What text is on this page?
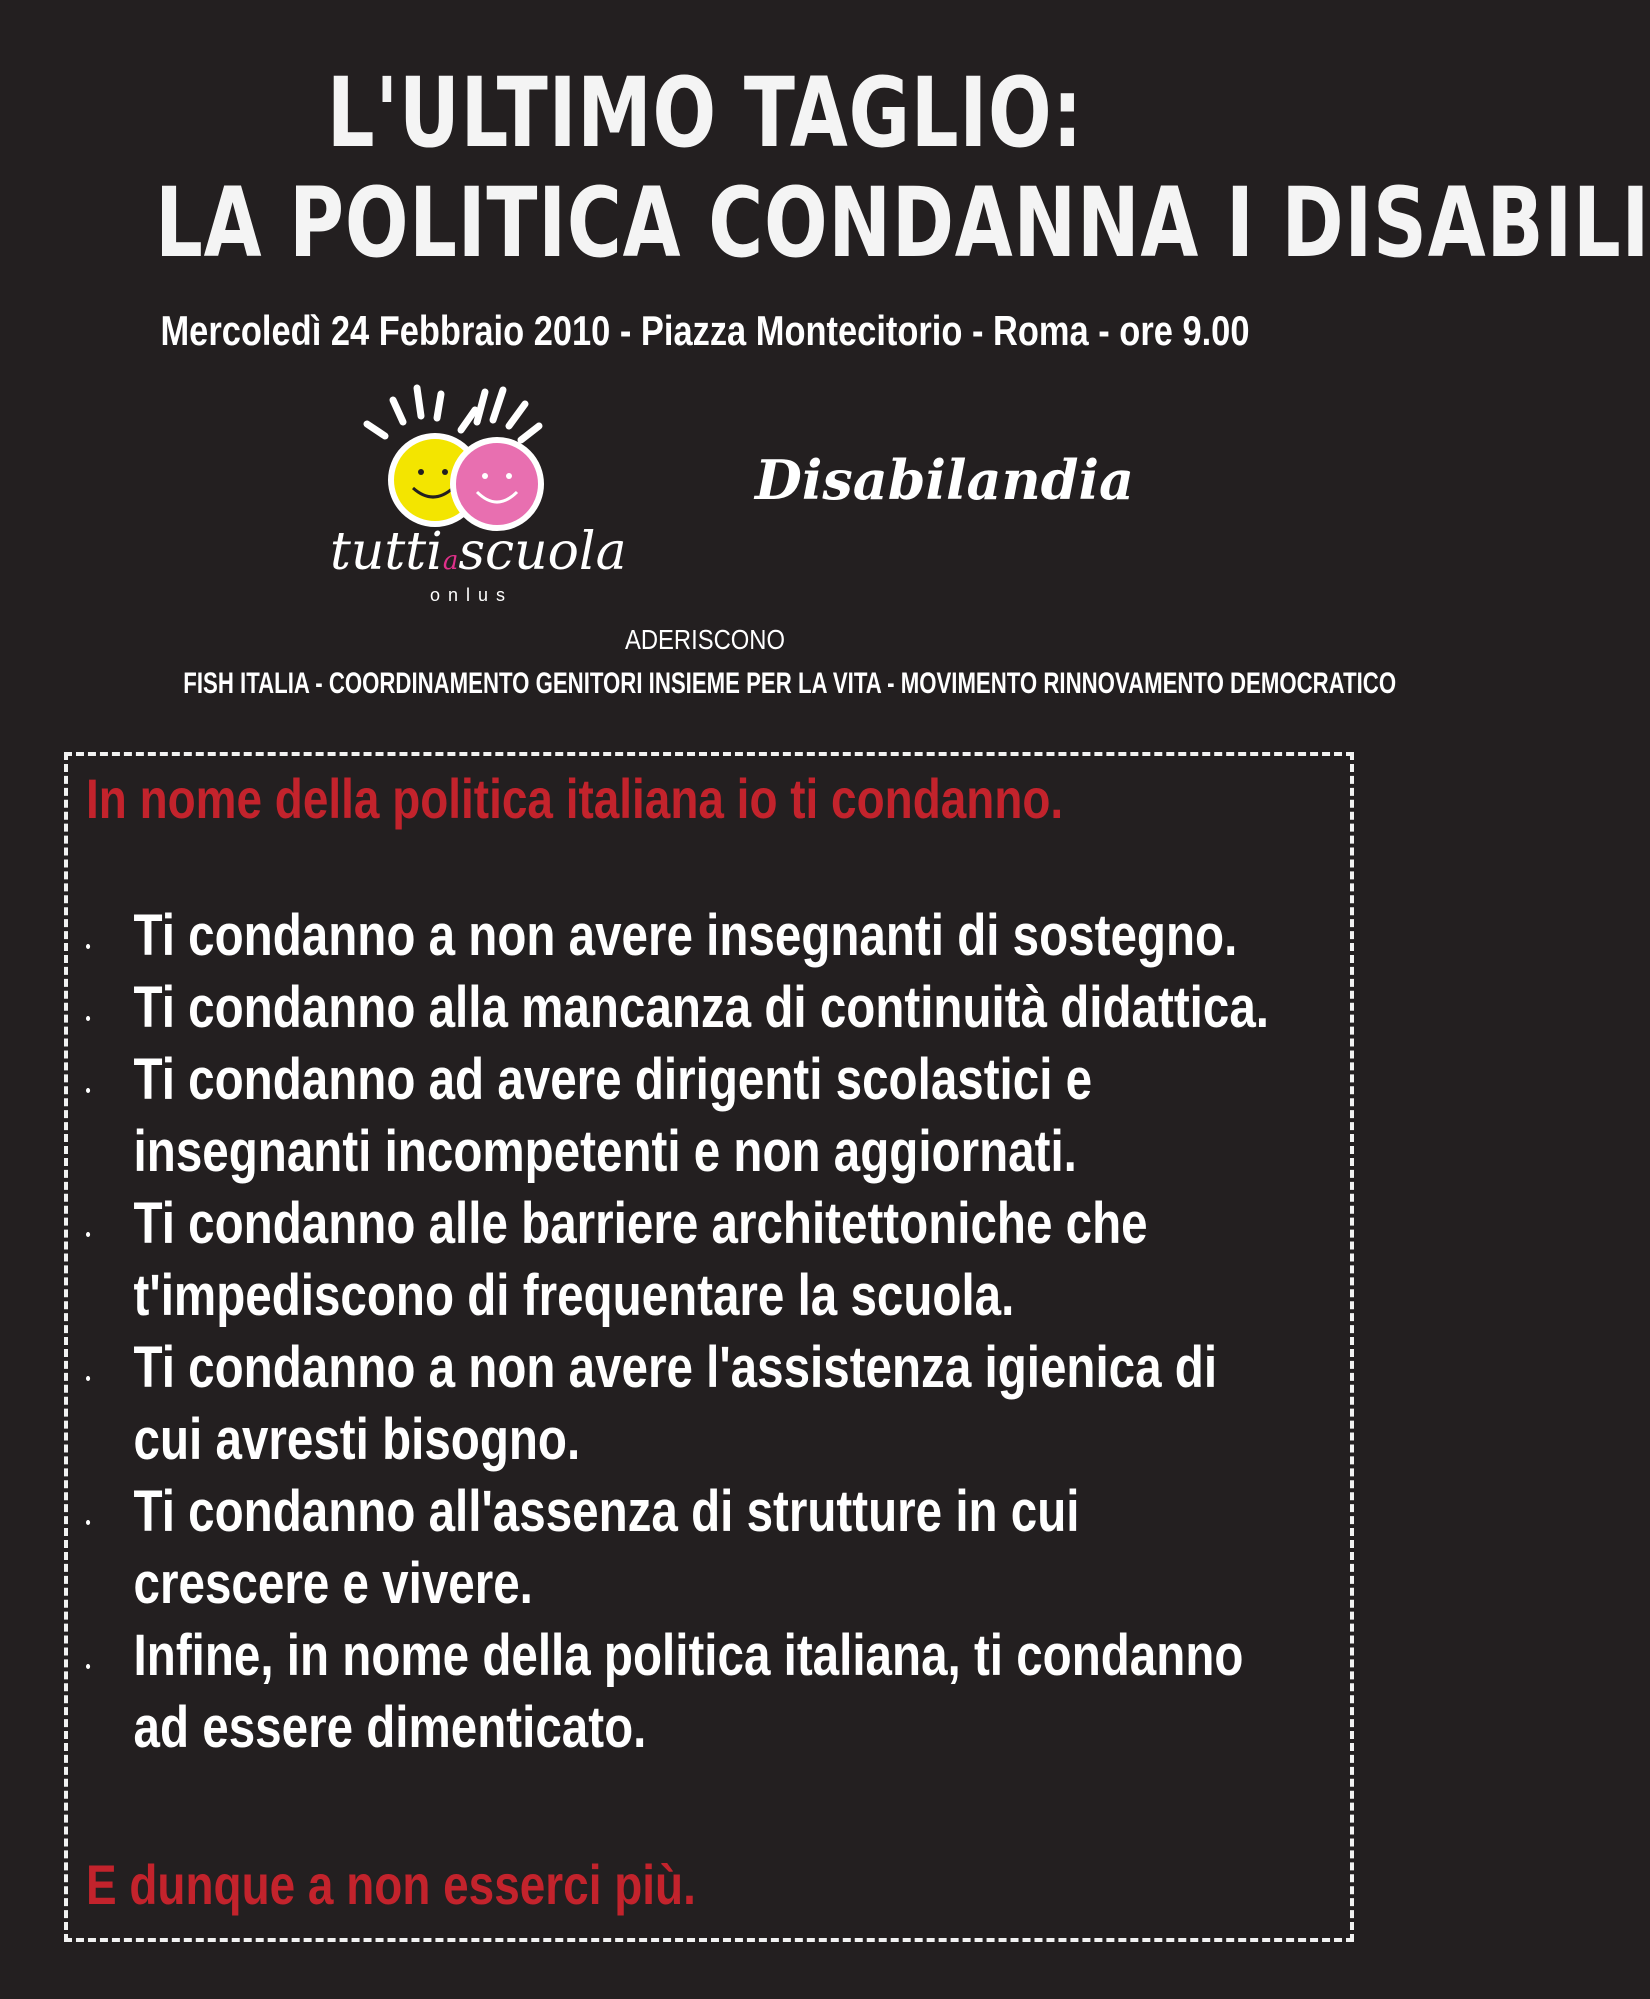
L'ULTIMO TAGLIO:
LA POLITICA CONDANNA I DISABILI
Mercoledì 24 Febbraio 2010 - Piazza Montecitorio - Roma - ore 9.00
tuttiascuola
onlus
Disabilandia
ADERISCONO
FISH ITALIA - COORDINAMENTO GENITORI INSIEME PER LA VITA - MOVIMENTO RINNOVAMENTO DEMOCRATICO
In nome della politica italiana io ti condanno.
Ti condanno a non avere insegnanti di sostegno.
Ti condanno alla mancanza di continuità didattica.
Ti condanno ad avere dirigenti scolastici e
insegnanti incompetenti e non aggiornati.
Ti condanno alle barriere architettoniche che
t'impediscono di frequentare la scuola.
Ti condanno a non avere l'assistenza igienica di
cui avresti bisogno.
Ti condanno all'assenza di strutture in cui
crescere e vivere.
Infine, in nome della politica italiana, ti condanno
ad essere dimenticato.
E dunque a non esserci più.
